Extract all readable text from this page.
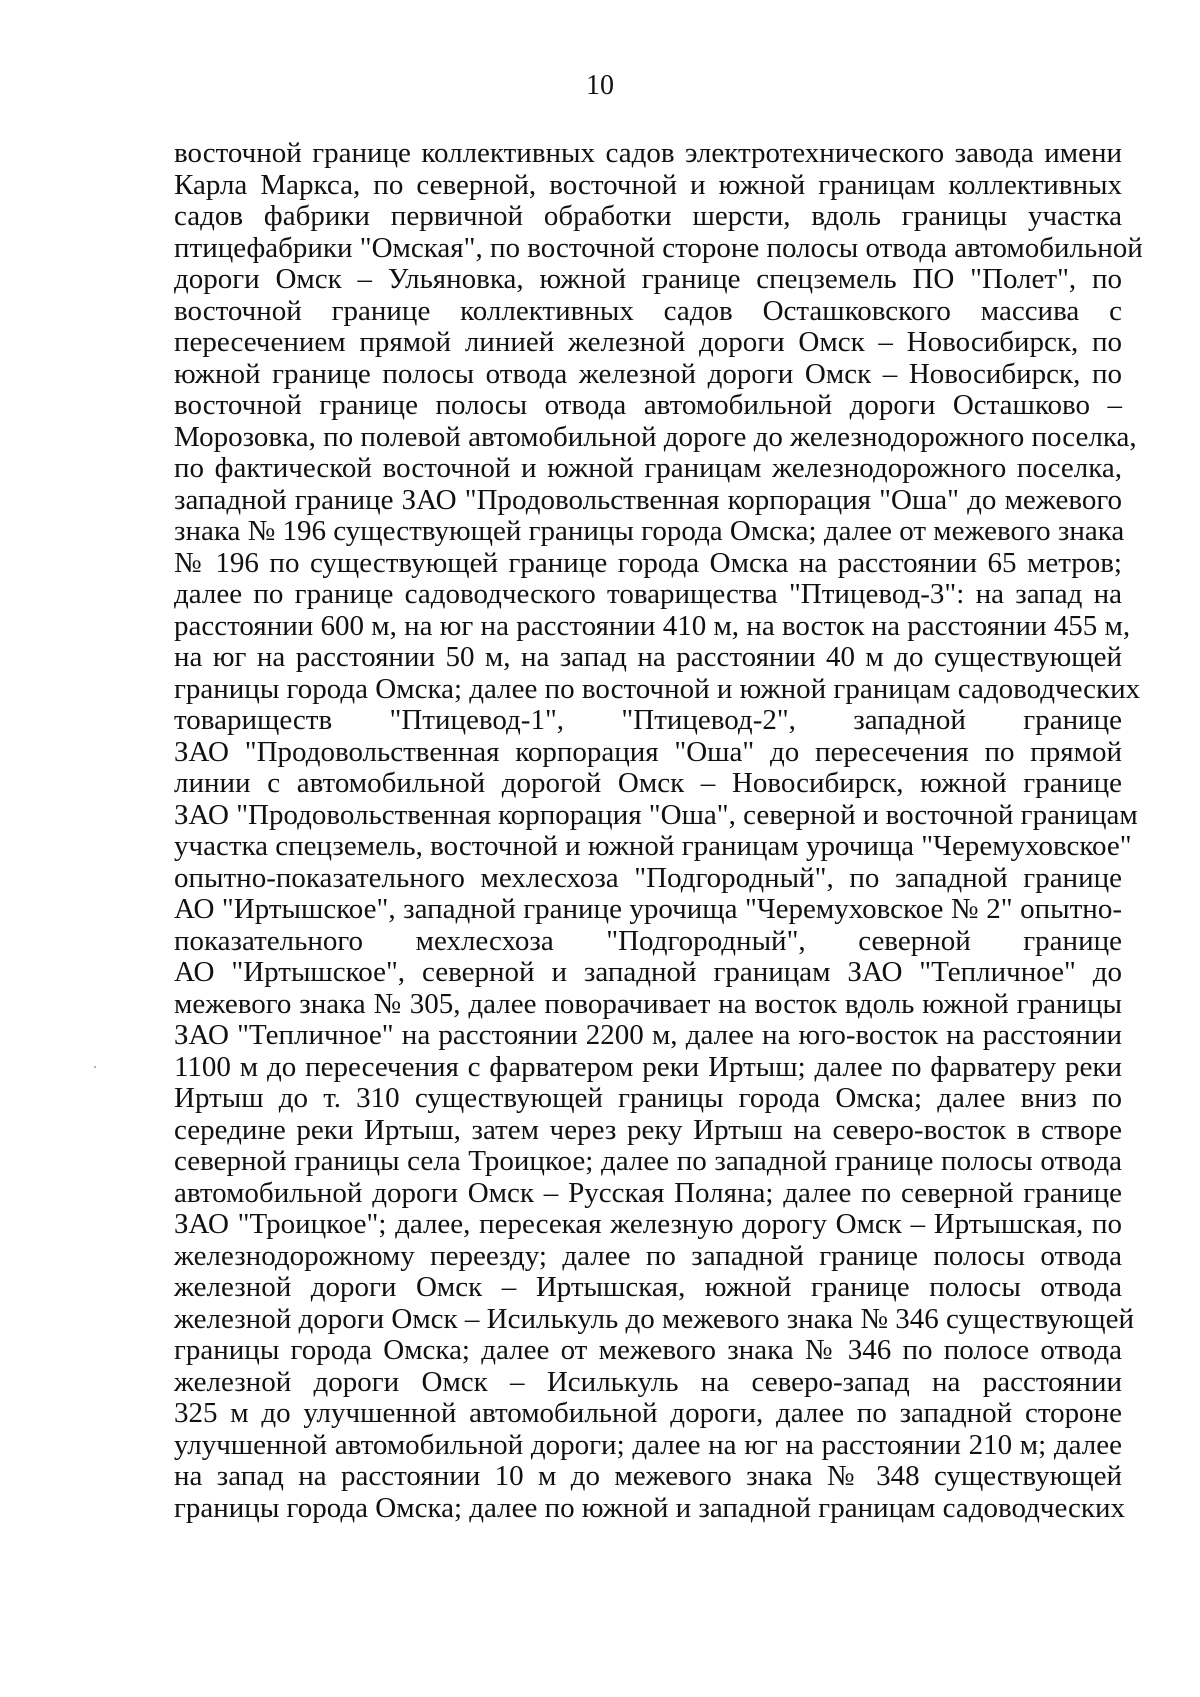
10
восточной границе коллективных садов электротехнического завода имени
Карла Маркса, по северной, восточной и южной границам коллективных
садов фабрики первичной обработки шерсти, вдоль границы участка
птицефабрики "Омская", по восточной стороне полосы отвода автомобильной
дороги Омск – Ульяновка, южной границе спецземель ПО "Полет", по
восточной границе коллективных садов Осташковского массива с
пересечением прямой линией железной дороги Омск – Новосибирск, по
южной границе полосы отвода железной дороги Омск – Новосибирск, по
восточной границе полосы отвода автомобильной дороги Осташково –
Морозовка, по полевой автомобильной дороге до железнодорожного поселка,
по фактической восточной и южной границам железнодорожного поселка,
западной границе ЗАО "Продовольственная корпорация "Оша" до межевого
знака № 196 существующей границы города Омска; далее от межевого знака
№ 196 по существующей границе города Омска на расстоянии 65 метров;
далее по границе садоводческого товарищества "Птицевод-3": на запад на
расстоянии 600 м, на юг на расстоянии 410 м, на восток на расстоянии 455 м,
на юг на расстоянии 50 м, на запад на расстоянии 40 м до существующей
границы города Омска; далее по восточной и южной границам садоводческих
товариществ "Птицевод-1", "Птицевод-2", западной границе
ЗАО "Продовольственная корпорация "Оша" до пересечения по прямой
линии с автомобильной дорогой Омск – Новосибирск, южной границе
ЗАО "Продовольственная корпорация "Оша", северной и восточной границам
участка спецземель, восточной и южной границам урочища "Черемуховское"
опытно-показательного мехлесхоза "Подгородный", по западной границе
АО "Иртышское", западной границе урочища "Черемуховское № 2" опытно-
показательного мехлесхоза "Подгородный", северной границе
АО "Иртышское", северной и западной границам ЗАО "Тепличное" до
межевого знака № 305, далее поворачивает на восток вдоль южной границы
ЗАО "Тепличное" на расстоянии 2200 м, далее на юго-восток на расстоянии
1100 м до пересечения с фарватером реки Иртыш; далее по фарватеру реки
Иртыш до т. 310 существующей границы города Омска; далее вниз по
середине реки Иртыш, затем через реку Иртыш на северо-восток в створе
северной границы села Троицкое; далее по западной границе полосы отвода
автомобильной дороги Омск – Русская Поляна; далее по северной границе
ЗАО "Троицкое"; далее, пересекая железную дорогу Омск – Иртышская, по
железнодорожному переезду; далее по западной границе полосы отвода
железной дороги Омск – Иртышская, южной границе полосы отвода
железной дороги Омск – Исилькуль до межевого знака № 346 существующей
границы города Омска; далее от межевого знака № 346 по полосе отвода
железной дороги Омск – Исилькуль на северо-запад на расстоянии
325 м до улучшенной автомобильной дороги, далее по западной стороне
улучшенной автомобильной дороги; далее на юг на расстоянии 210 м; далее
на запад на расстоянии 10 м до межевого знака № 348 существующей
границы города Омска; далее по южной и западной границам садоводческих
